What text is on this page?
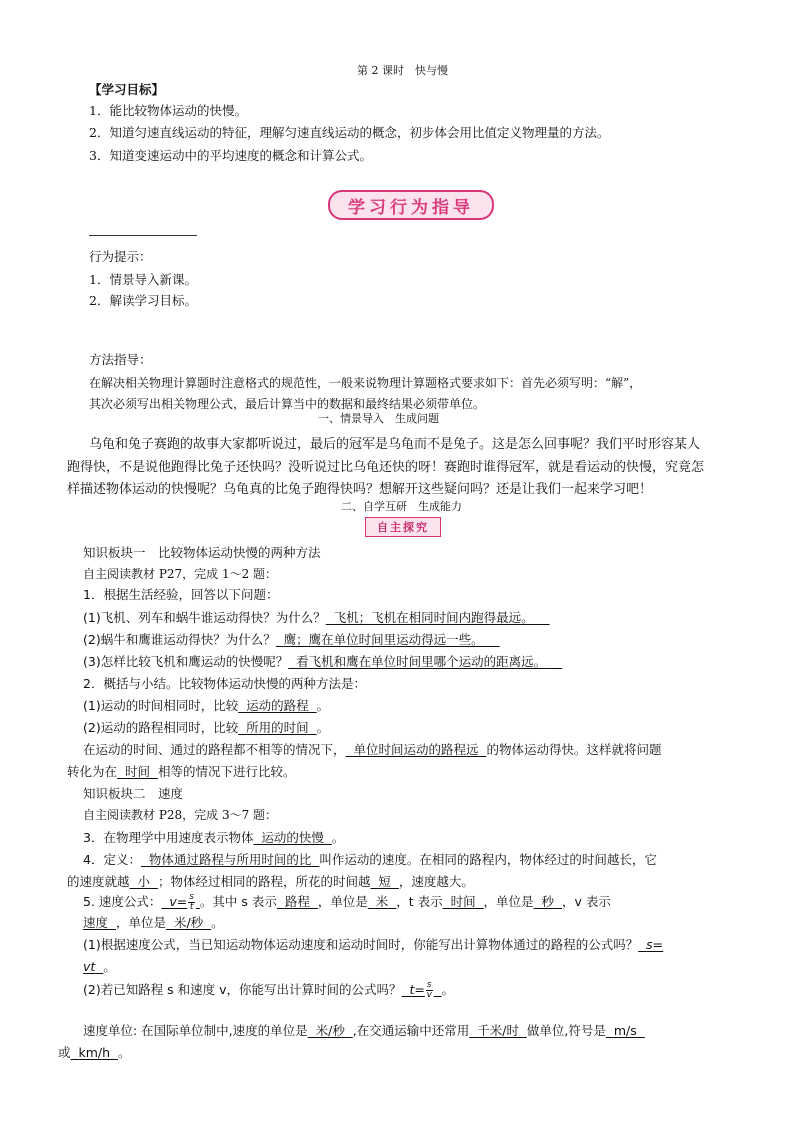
第 2 课时　快与慢
【学习目标】
1．能比较物体运动的快慢。
2．知道匀速直线运动的特征，理解匀速直线运动的概念，初步体会用比值定义物理量的方法。
3．知道变速运动中的平均速度的概念和计算公式。
学习行为指导
行为提示：
1．情景导入新课。
2．解读学习目标。
方法指导：
在解决相关物理计算题时注意格式的规范性，一般来说物理计算题格式要求如下：首先必须写明：“解”，
其次必须写出相关物理公式，最后计算当中的数据和最终结果必须带单位。
一、情景导入　生成问题
乌龟和兔子赛跑的故事大家都听说过，最后的冠军是乌龟而不是兔子。这是怎么回事呢？我们平时形容某人
跑得快，不是说他跑得比兔子还快吗？没听说过比乌龟还快的呀！赛跑时谁得冠军，就是看运动的快慢，究竟怎
样描述物体运动的快慢呢？乌龟真的比兔子跑得快吗？想解开这些疑问吗？还是让我们一起来学习吧！
二、自学互研　生成能力
自主探究
知识板块一　比较物体运动快慢的两种方法
自主阅读教材 P27，完成 1～2 题：
1．根据生活经验，回答以下问题：
(1)飞机、列车和蜗牛谁运动得快？为什么？ 飞机；飞机在相同时间内跑得最远。
(2)蜗牛和鹰谁运动得快？为什么？ 鹰；鹰在单位时间里运动得远一些。
(3)怎样比较飞机和鹰运动的快慢呢？ 看飞机和鹰在单位时间里哪个运动的距离远。
2．概括与小结。比较物体运动快慢的两种方法是：
(1)运动的时间相同时，比较 运动的路程 。
(2)运动的路程相同时，比较 所用的时间 。
在运动的时间、通过的路程都不相等的情况下， 单位时间运动的路程远 的物体运动得快。这样就将问题
转化为在 时间 相等的情况下进行比较。
知识板块二　速度
自主阅读教材 P28，完成 3～7 题：
3．在物理学中用速度表示物体 运动的快慢 。
4．定义： 物体通过路程与所用时间的比 叫作运动的速度。在相同的路程内，物体经过的时间越长，它
的速度就越 小 ；物体经过相同的路程，所花的时间越 短 ，速度越大。
5. 速度公式： $v= \frac{s}{t}$ 。其中 s 表示 路程 ，单位是 米 ，t 表示 时间 ，单位是 秒 ，v 表示
速度 ，单位是 米/秒 。
(1)根据速度公式，当已知运动物体运动速度和运动时间时，你能写出计算物体通过的路程的公式吗？ s=
vt 。
(2)若已知路程 s 和速度 v，你能写出计算时间的公式吗？ $t= \frac{s}{v}$ 。
速度单位: 在国际单位制中,速度的单位是 米/秒 ,在交通运输中还常用 千米/时 做单位,符号是 m/s
或 km/h 。
